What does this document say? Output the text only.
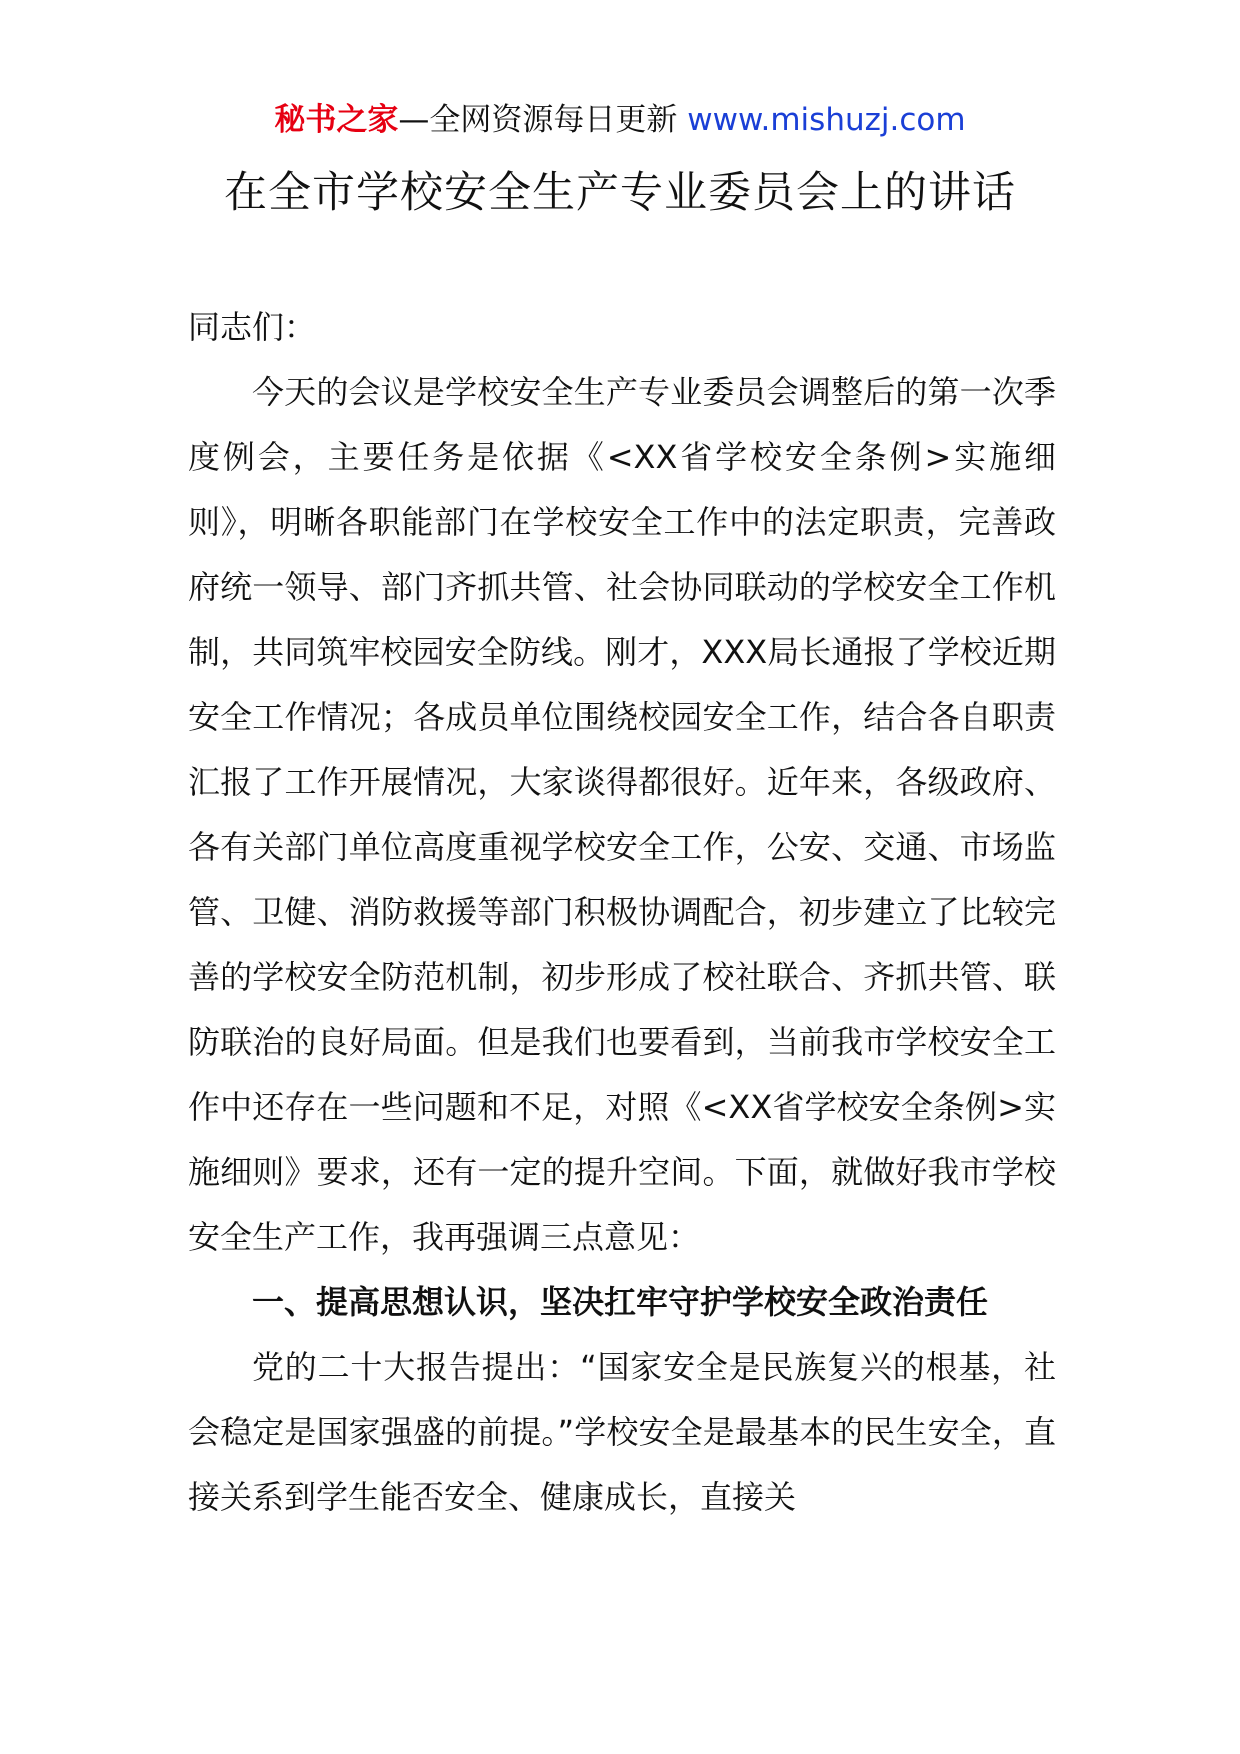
秘书之家—全网资源每日更新 www.mishuzj.com
在全市学校安全生产专业委员会上的讲话

同志们：

今天的会议是学校安全生产专业委员会调整后的第一次季度例会，主要任务是依据《<XX省学校安全条例>实施细则》，明晰各职能部门在学校安全工作中的法定职责，完善政府统一领导、部门齐抓共管、社会协同联动的学校安全工作机制，共同筑牢校园安全防线。刚才，XXX局长通报了学校近期安全工作情况；各成员单位围绕校园安全工作，结合各自职责汇报了工作开展情况，大家谈得都很好。近年来，各级政府、各有关部门单位高度重视学校安全工作，公安、交通、市场监管、卫健、消防救援等部门积极协调配合，初步建立了比较完善的学校安全防范机制，初步形成了校社联合、齐抓共管、联防联治的良好局面。但是我们也要看到，当前我市学校安全工作中还存在一些问题和不足，对照《<XX省学校安全条例>实施细则》要求，还有一定的提升空间。下面，就做好我市学校安全生产工作，我再强调三点意见：

一、提高思想认识，坚决扛牢守护学校安全政治责任

党的二十大报告提出：“国家安全是民族复兴的根基，社会稳定是国家强盛的前提。”学校安全是最基本的民生安全，直接关系到学生能否安全、健康成长，直接关
